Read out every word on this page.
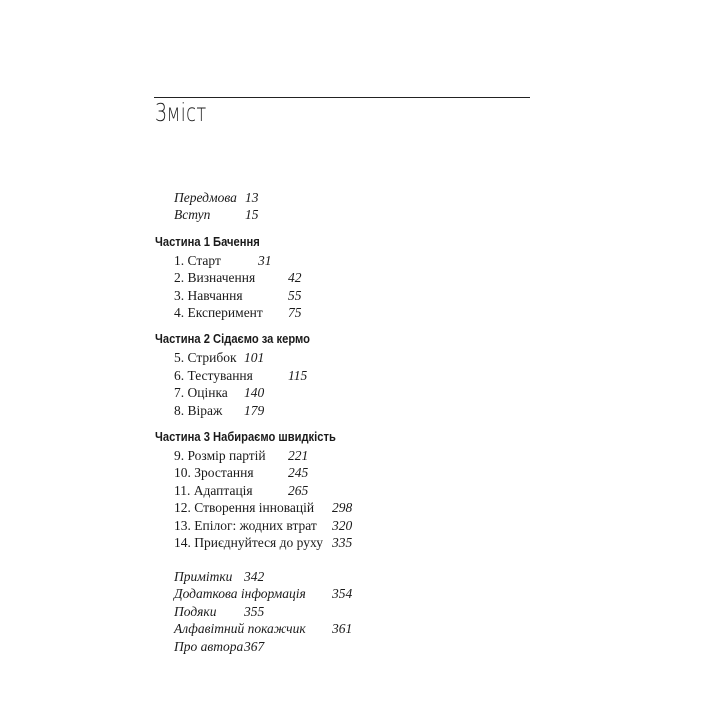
Зміст
Передмова 13
Вступ	15
Частина 1 Бачення
1. Старт	31
2. Визначення 42
3. Навчання	55
4. Експеримент 75
Частина 2 Сідаємо за кермо
5. Стрибок 101
6. Тестування	115
7. Оцінка 140
8. Віраж 179
Частина 3 Набираємо швидкість
9. Розмір партій 221
10. Зростання	245
11. Адаптація	265
12. Створення інновацій 298
13. Епілог: жодних втрат 320
14. Приєднуйтеся до руху 335
Примітки 342
Додаткова інформація 354
Подяки 355
Алфавітний покажчик 361
Про автора 367
